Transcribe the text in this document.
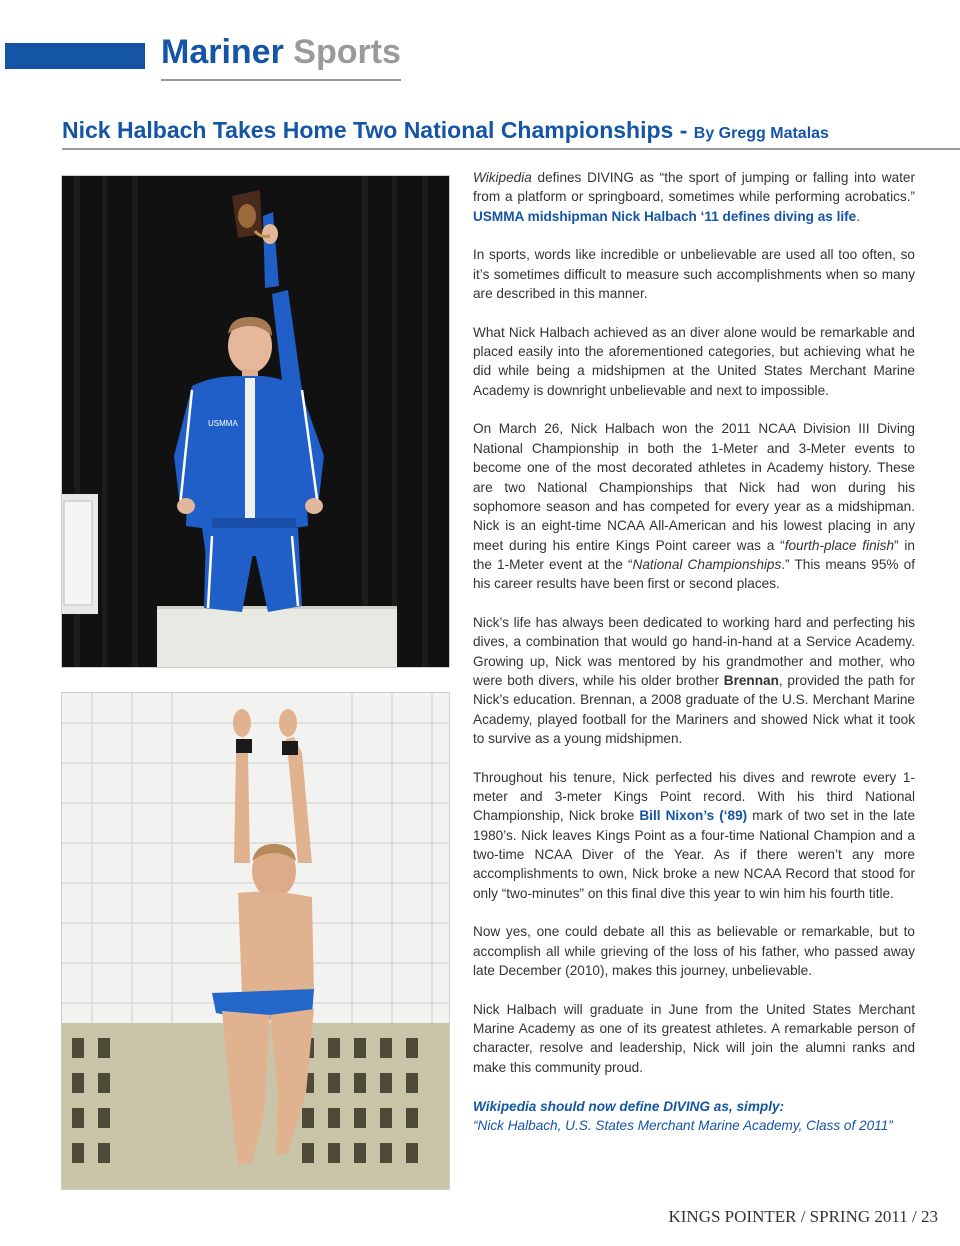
Mariner Sports
Nick Halbach Takes Home Two National Championships - By Gregg Matalas
USMMA

Wikipedia defines DIVING as “the sport of jumping or falling into water from a platform or springboard, sometimes while performing acrobatics.” USMMA midshipman Nick Halbach ‘11 defines diving as life.

In sports, words like incredible or unbelievable are used all too often, so it’s sometimes difficult to measure such accomplishments when so many are described in this manner.

What Nick Halbach achieved as an diver alone would be remarkable and placed easily into the aforementioned categories, but achieving what he did while being a midshipmen at the United States Merchant Marine Academy is downright unbelievable and next to impossible.

On March 26, Nick Halbach won the 2011 NCAA Division III Diving National Championship in both the 1-Meter and 3-Meter events to become one of the most decorated athletes in Academy history. These are two National Championships that Nick had won during his sophomore season and has competed for every year as a midshipman. Nick is an eight-time NCAA All-American and his lowest placing in any meet during his entire Kings Point career was a “fourth-place finish” in the 1-Meter event at the “National Championships.” This means 95% of his career results have been first or second places.

Nick’s life has always been dedicated to working hard and perfecting his dives, a combination that would go hand-in-hand at a Service Academy. Growing up, Nick was mentored by his grandmother and mother, who were both divers, while his older brother Brennan, provided the path for Nick’s education. Brennan, a 2008 graduate of the U.S. Merchant Marine Academy, played football for the Mariners and showed Nick what it took to survive as a young midshipmen.

Throughout his tenure, Nick perfected his dives and rewrote every 1-meter and 3-meter Kings Point record. With his third National Championship, Nick broke Bill Nixon’s (‘89) mark of two set in the late 1980’s. Nick leaves Kings Point as a four-time National Champion and a two-time NCAA Diver of the Year. As if there weren’t any more accomplishments to own, Nick broke a new NCAA Record that stood for only “two-minutes” on this final dive this year to win him his fourth title.

Now yes, one could debate all this as believable or remarkable, but to accomplish all while grieving of the loss of his father, who passed away late December (2010), makes this journey, unbelievable.

Nick Halbach will graduate in June from the United States Merchant Marine Academy as one of its greatest athletes. A remarkable person of character, resolve and leadership, Nick will join the alumni ranks and make this community proud.

Wikipedia should now define DIVING as, simply:

“Nick Halbach, U.S. States Merchant Marine Academy, Class of 2011”

KINGS POINTER / SPRING 2011 / 23
